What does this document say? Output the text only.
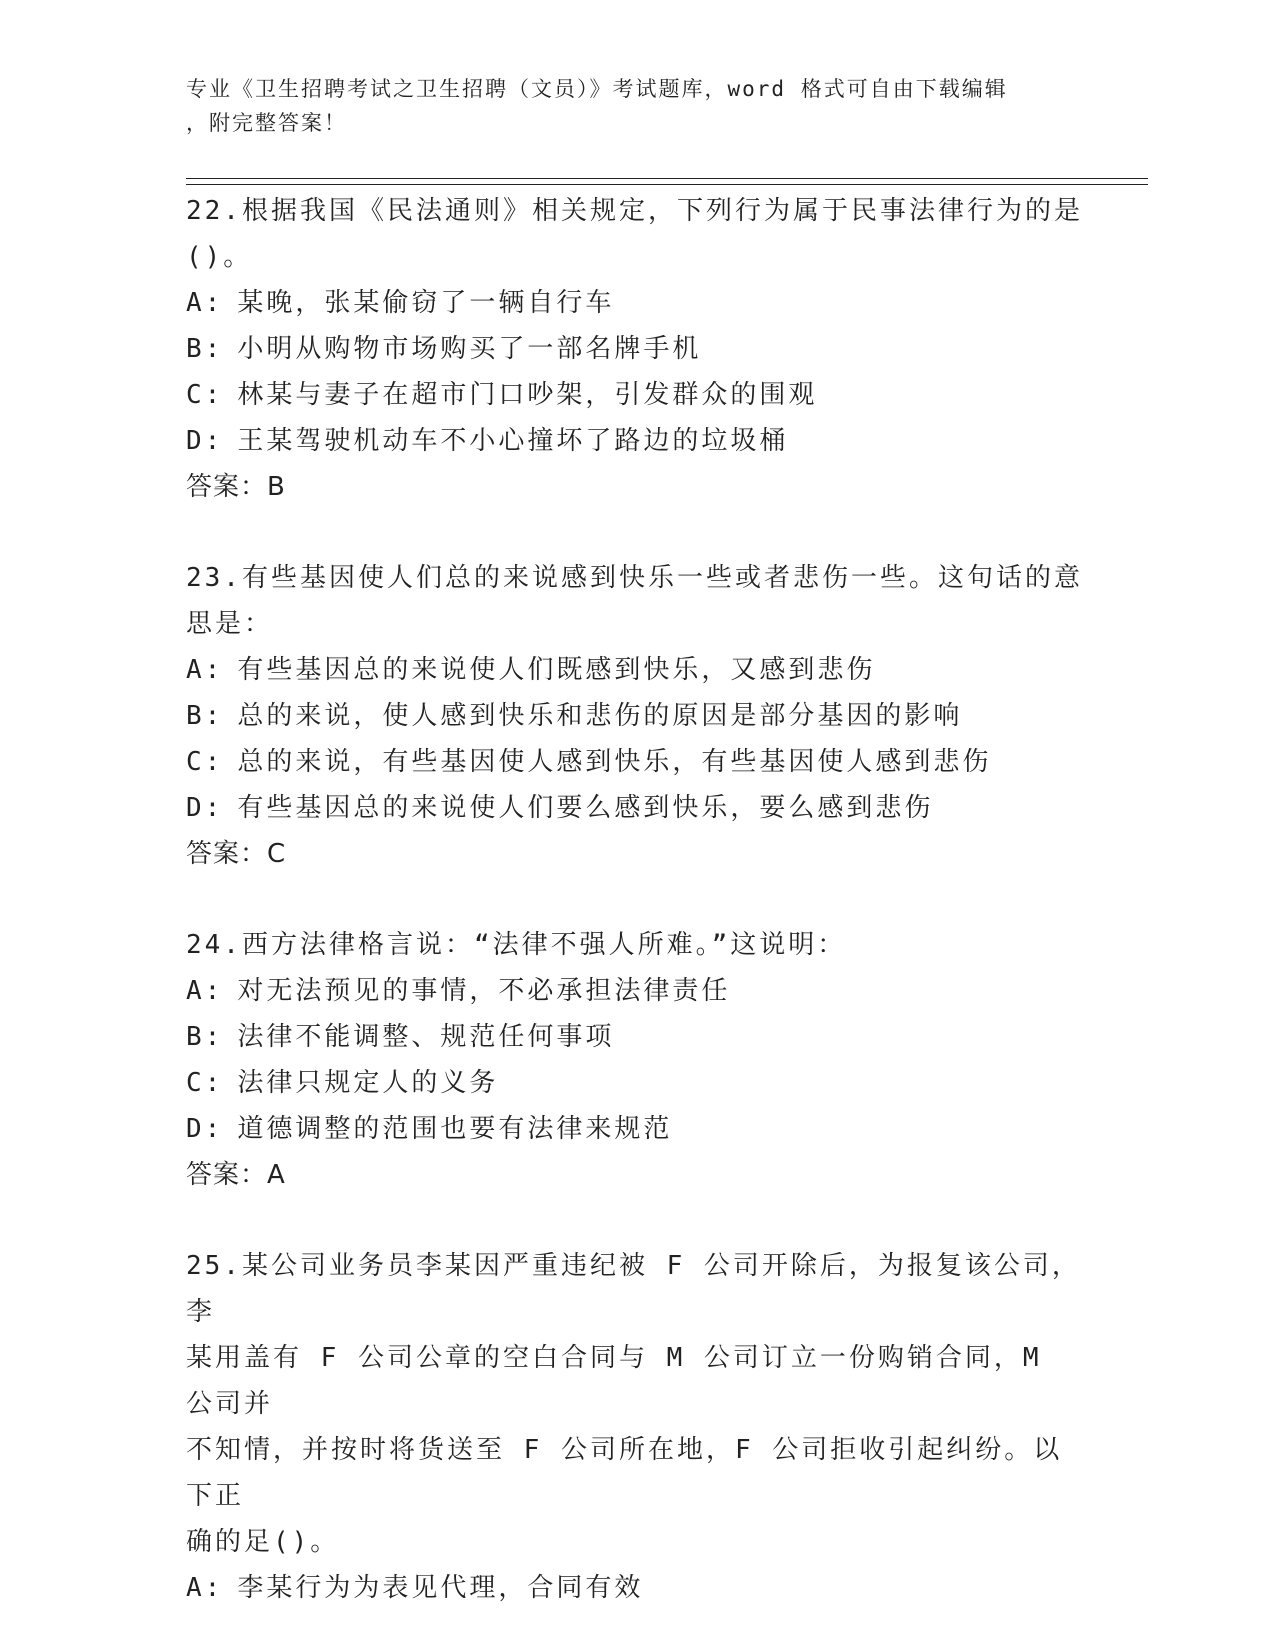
专业《卫生招聘考试之卫生招聘（文员）》考试题库，word 格式可自由下载编辑
，附完整答案！

22.根据我国《民法通则》相关规定，下列行为属于民事法律行为的是

()。

A: 某晚，张某偷窃了一辆自行车

B: 小明从购物市场购买了一部名牌手机

C: 林某与妻子在超市门口吵架，引发群众的围观

D: 王某驾驶机动车不小心撞坏了路边的垃圾桶

答案：B

23.有些基因使人们总的来说感到快乐一些或者悲伤一些。这句话的意

思是：

A: 有些基因总的来说使人们既感到快乐，又感到悲伤

B: 总的来说，使人感到快乐和悲伤的原因是部分基因的影响

C: 总的来说，有些基因使人感到快乐，有些基因使人感到悲伤

D: 有些基因总的来说使人们要么感到快乐，要么感到悲伤

答案：C

24.西方法律格言说：“法律不强人所难。”这说明：

A: 对无法预见的事情，不必承担法律责任

B: 法律不能调整、规范任何事项

C: 法律只规定人的义务

D: 道德调整的范围也要有法律来规范

答案：A

25.某公司业务员李某因严重违纪被 F 公司开除后，为报复该公司，李

某用盖有 F 公司公章的空白合同与 M 公司订立一份购销合同，M 公司并

不知情，并按时将货送至 F 公司所在地，F 公司拒收引起纠纷。以下正

确的足()。

A: 李某行为为表见代理，合同有效
